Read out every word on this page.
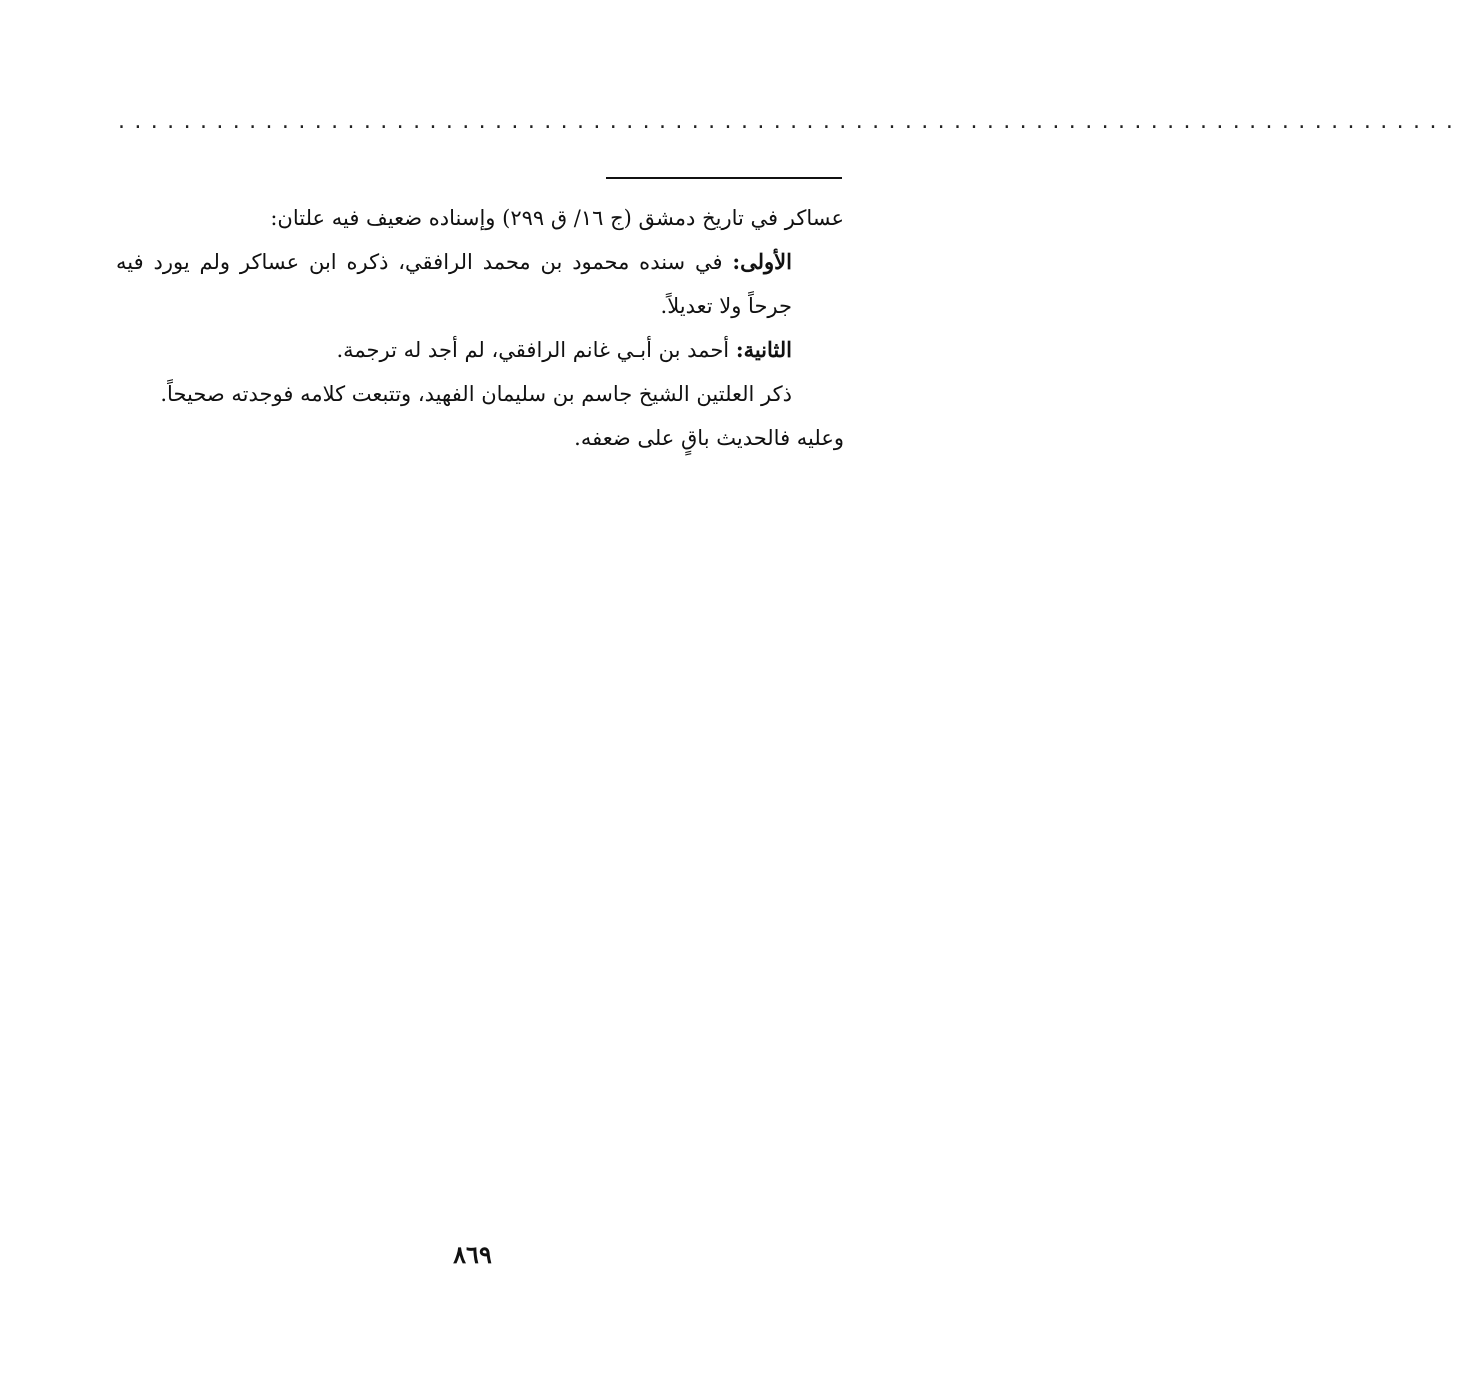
..................................................................................

عساكر في تاريخ دمشق (ج ١٦/ ق ٢٩٩) وإسناده ضعيف فيه علتان:

الأولى: في سنده محمود بن محمد الرافقي، ذكره ابن عساكر ولم يورد فيه جرحاً ولا تعديلاً.

الثانية: أحمد بن أبـي غانم الرافقي، لم أجد له ترجمة.

ذكر العلتين الشيخ جاسم بن سليمان الفهيد، وتتبعت كلامه فوجدته صحيحاً.

وعليه فالحديث باقٍ على ضعفه.

٨٦٩
